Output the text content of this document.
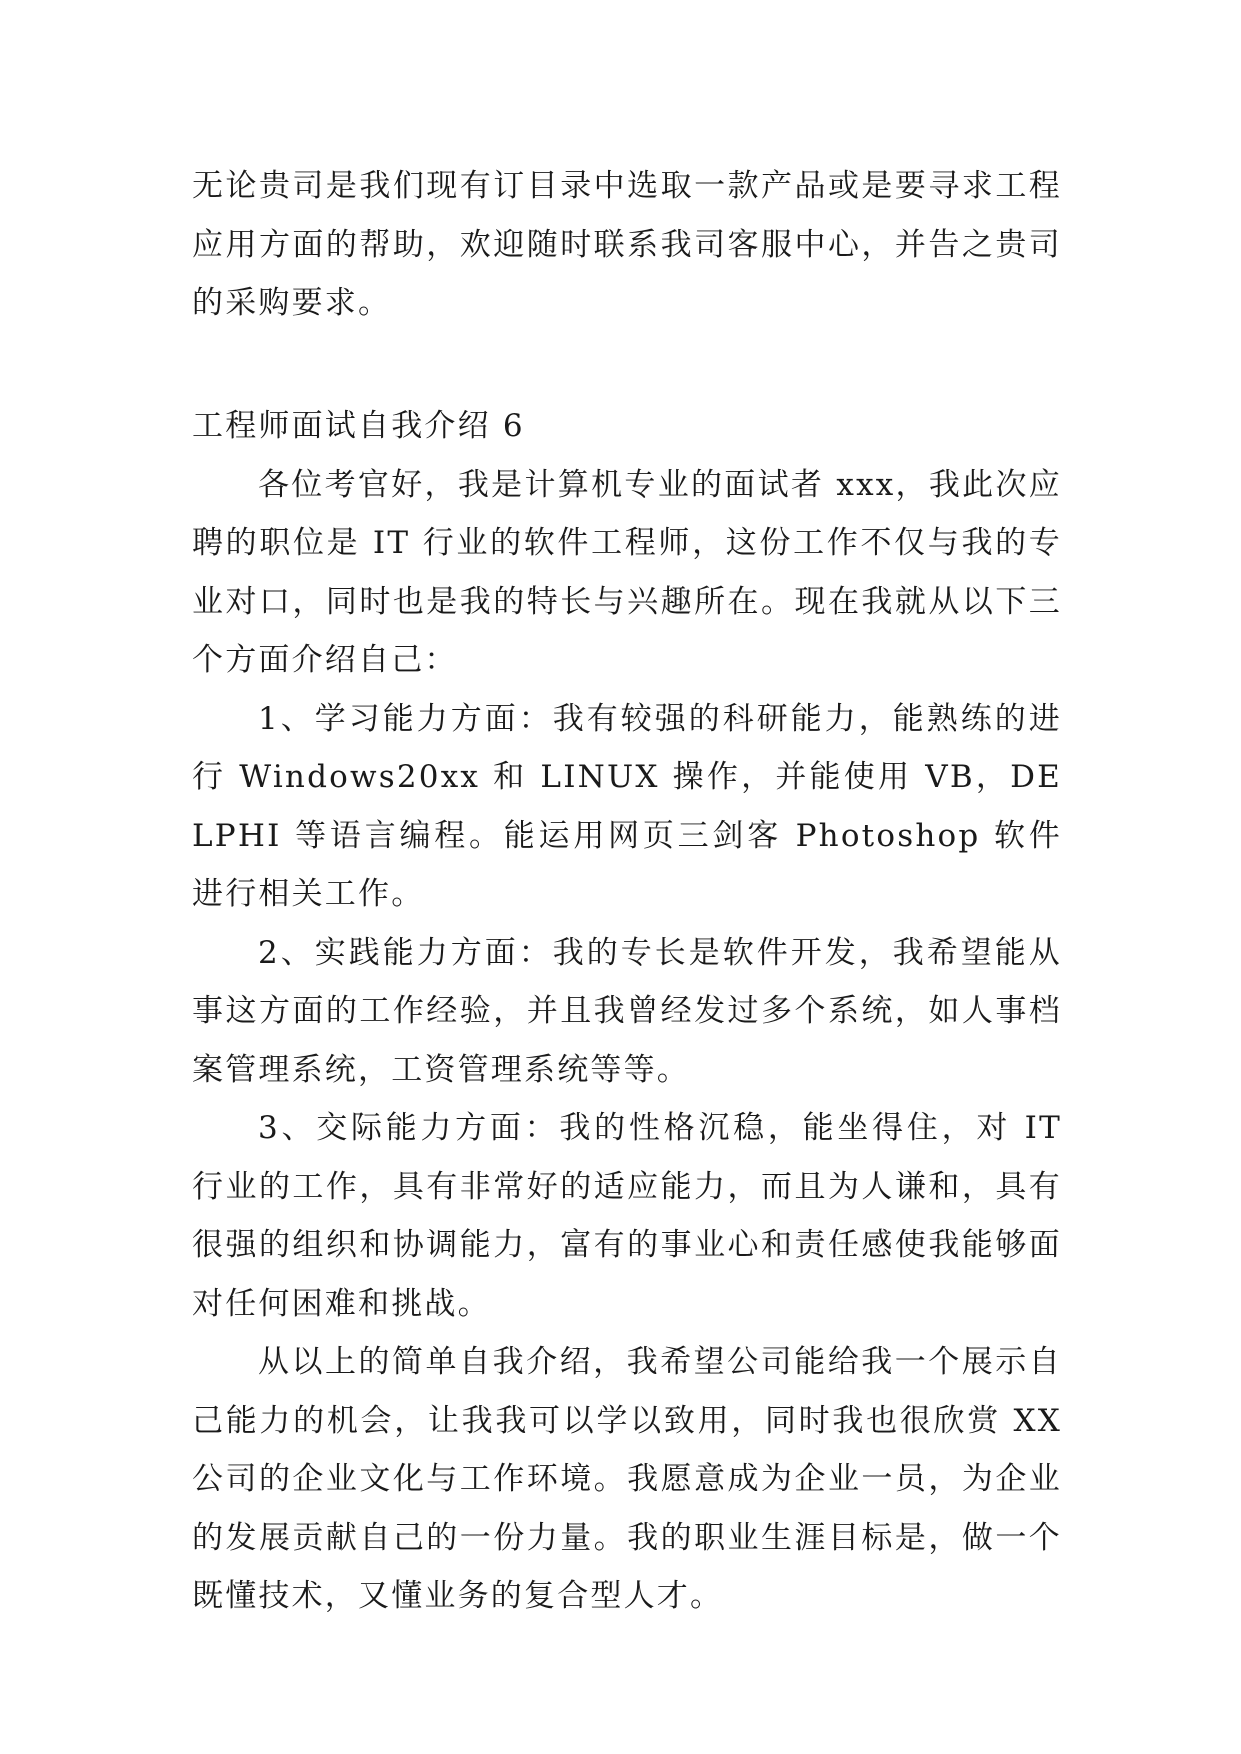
无论贵司是我们现有订目录中选取一款产品或是要寻求工程应用方面的帮助，欢迎随时联系我司客服中心，并告之贵司的采购要求。

工程师面试自我介绍 6

各位考官好，我是计算机专业的面试者 xxx，我此次应聘的职位是 IT 行业的软件工程师，这份工作不仅与我的专业对口，同时也是我的特长与兴趣所在。现在我就从以下三个方面介绍自己：

1、学习能力方面：我有较强的科研能力，能熟练的进行 Windows20xx 和 LINUX 操作，并能使用 VB，DELPHI 等语言编程。能运用网页三剑客 Photoshop 软件进行相关工作。

2、实践能力方面：我的专长是软件开发，我希望能从事这方面的工作经验，并且我曾经发过多个系统，如人事档案管理系统，工资管理系统等等。

3、交际能力方面：我的性格沉稳，能坐得住，对 IT 行业的工作，具有非常好的适应能力，而且为人谦和，具有很强的组织和协调能力，富有的事业心和责任感使我能够面对任何困难和挑战。

从以上的简单自我介绍，我希望公司能给我一个展示自己能力的机会，让我我可以学以致用，同时我也很欣赏 XX 公司的企业文化与工作环境。我愿意成为企业一员，为企业的发展贡献自己的一份力量。我的职业生涯目标是，做一个既懂技术，又懂业务的复合型人才。
